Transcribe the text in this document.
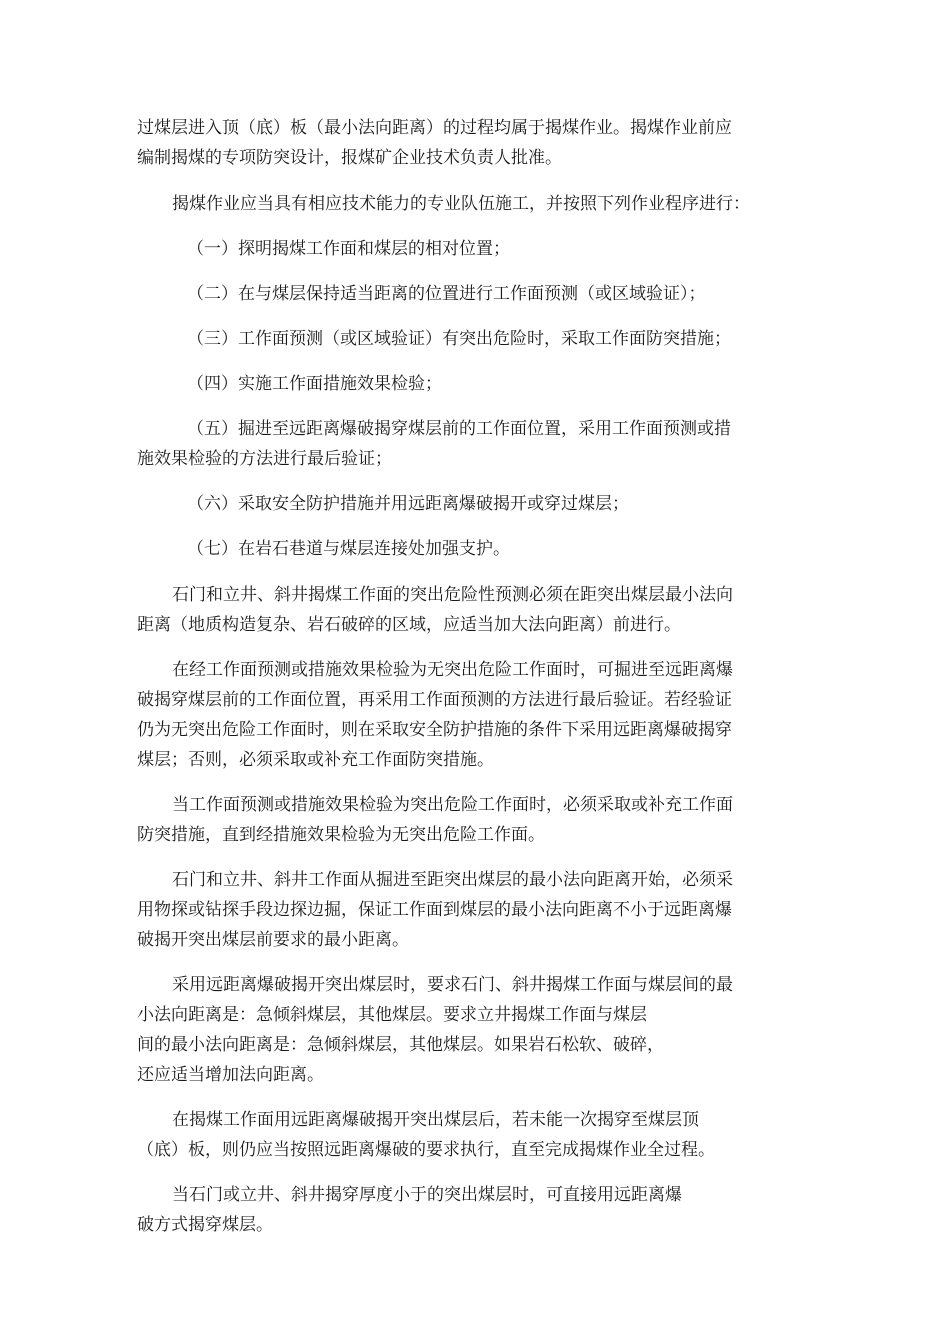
过煤层进入顶（底）板（最小法向距离）的过程均属于揭煤作业。揭煤作业前应
编制揭煤的专项防突设计，报煤矿企业技术负责人批准。
揭煤作业应当具有相应技术能力的专业队伍施工，并按照下列作业程序进行：
（一）探明揭煤工作面和煤层的相对位置；
（二）在与煤层保持适当距离的位置进行工作面预测（或区域验证）；
（三）工作面预测（或区域验证）有突出危险时，采取工作面防突措施；
（四）实施工作面措施效果检验；
（五）掘进至远距离爆破揭穿煤层前的工作面位置，采用工作面预测或措
施效果检验的方法进行最后验证；
（六）采取安全防护措施并用远距离爆破揭开或穿过煤层；
（七）在岩石巷道与煤层连接处加强支护。
石门和立井、斜井揭煤工作面的突出危险性预测必须在距突出煤层最小法向
距离（地质构造复杂、岩石破碎的区域，应适当加大法向距离）前进行。
在经工作面预测或措施效果检验为无突出危险工作面时，可掘进至远距离爆
破揭穿煤层前的工作面位置，再采用工作面预测的方法进行最后验证。若经验证
仍为无突出危险工作面时，则在采取安全防护措施的条件下采用远距离爆破揭穿
煤层；否则，必须采取或补充工作面防突措施。
当工作面预测或措施效果检验为突出危险工作面时，必须采取或补充工作面
防突措施，直到经措施效果检验为无突出危险工作面。
石门和立井、斜井工作面从掘进至距突出煤层的最小法向距离开始，必须采
用物探或钻探手段边探边掘，保证工作面到煤层的最小法向距离不小于远距离爆
破揭开突出煤层前要求的最小距离。
采用远距离爆破揭开突出煤层时，要求石门、斜井揭煤工作面与煤层间的最
小法向距离是：急倾斜煤层，其他煤层。要求立井揭煤工作面与煤层
间的最小法向距离是：急倾斜煤层，其他煤层。如果岩石松软、破碎，
还应适当增加法向距离。
在揭煤工作面用远距离爆破揭开突出煤层后，若未能一次揭穿至煤层顶
（底）板，则仍应当按照远距离爆破的要求执行，直至完成揭煤作业全过程。
当石门或立井、斜井揭穿厚度小于的突出煤层时，可直接用远距离爆
破方式揭穿煤层。
